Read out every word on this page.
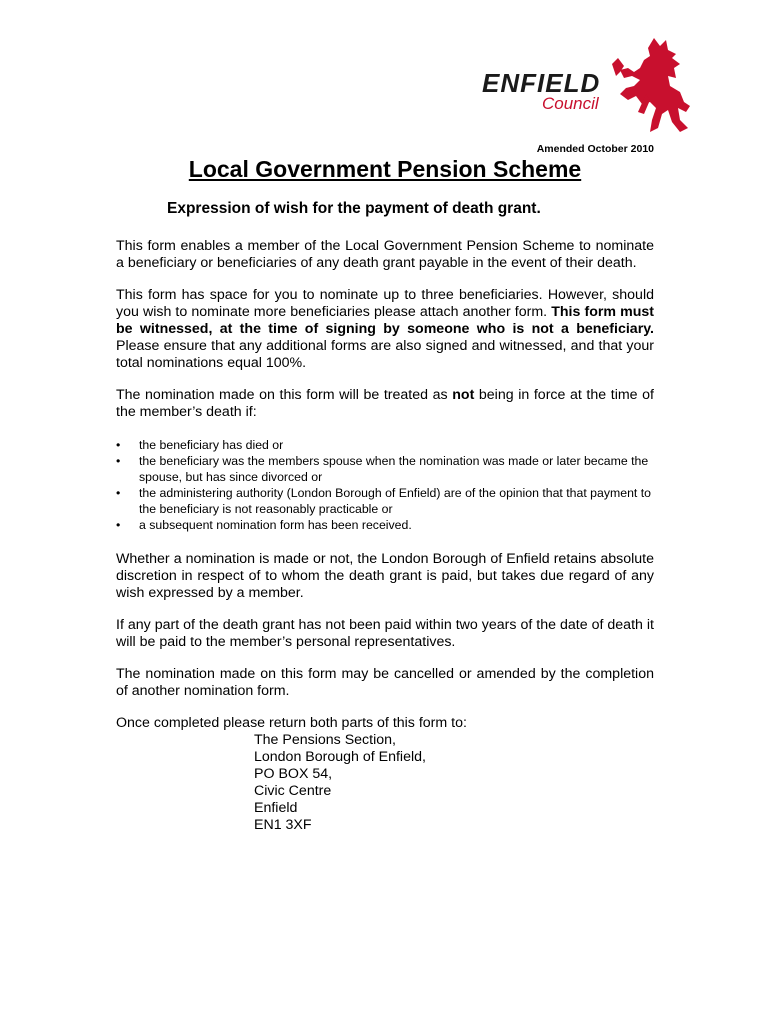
ENFIELD
Council
Amended October 2010
Local Government Pension Scheme
Expression of wish for the payment of death grant.

This form enables a member of the Local Government Pension Scheme to nominate a beneficiary or beneficiaries of any death grant payable in the event of their death.

This form has space for you to nominate up to three beneficiaries. However, should you wish to nominate more beneficiaries please attach another form. This form must be witnessed, at the time of signing by someone who is not a beneficiary. Please ensure that any additional forms are also signed and witnessed, and that your total nominations equal 100%.

The nomination made on this form will be treated as not being in force at the time of the member’s death if:

• the beneficiary has died or
• the beneficiary was the members spouse when the nomination was made or later became the spouse, but has since divorced or
• the administering authority (London Borough of Enfield) are of the opinion that that payment to the beneficiary is not reasonably practicable or
• a subsequent nomination form has been received.

Whether a nomination is made or not, the London Borough of Enfield retains absolute discretion in respect of to whom the death grant is paid, but takes due regard of any wish expressed by a member.

If any part of the death grant has not been paid within two years of the date of death it will be paid to the member’s personal representatives.

The nomination made on this form may be cancelled or amended by the completion of another nomination form.

Once completed please return both parts of this form to:

The Pensions Section,
London Borough of Enfield,
PO BOX 54,
Civic Centre
Enfield
EN1 3XF
